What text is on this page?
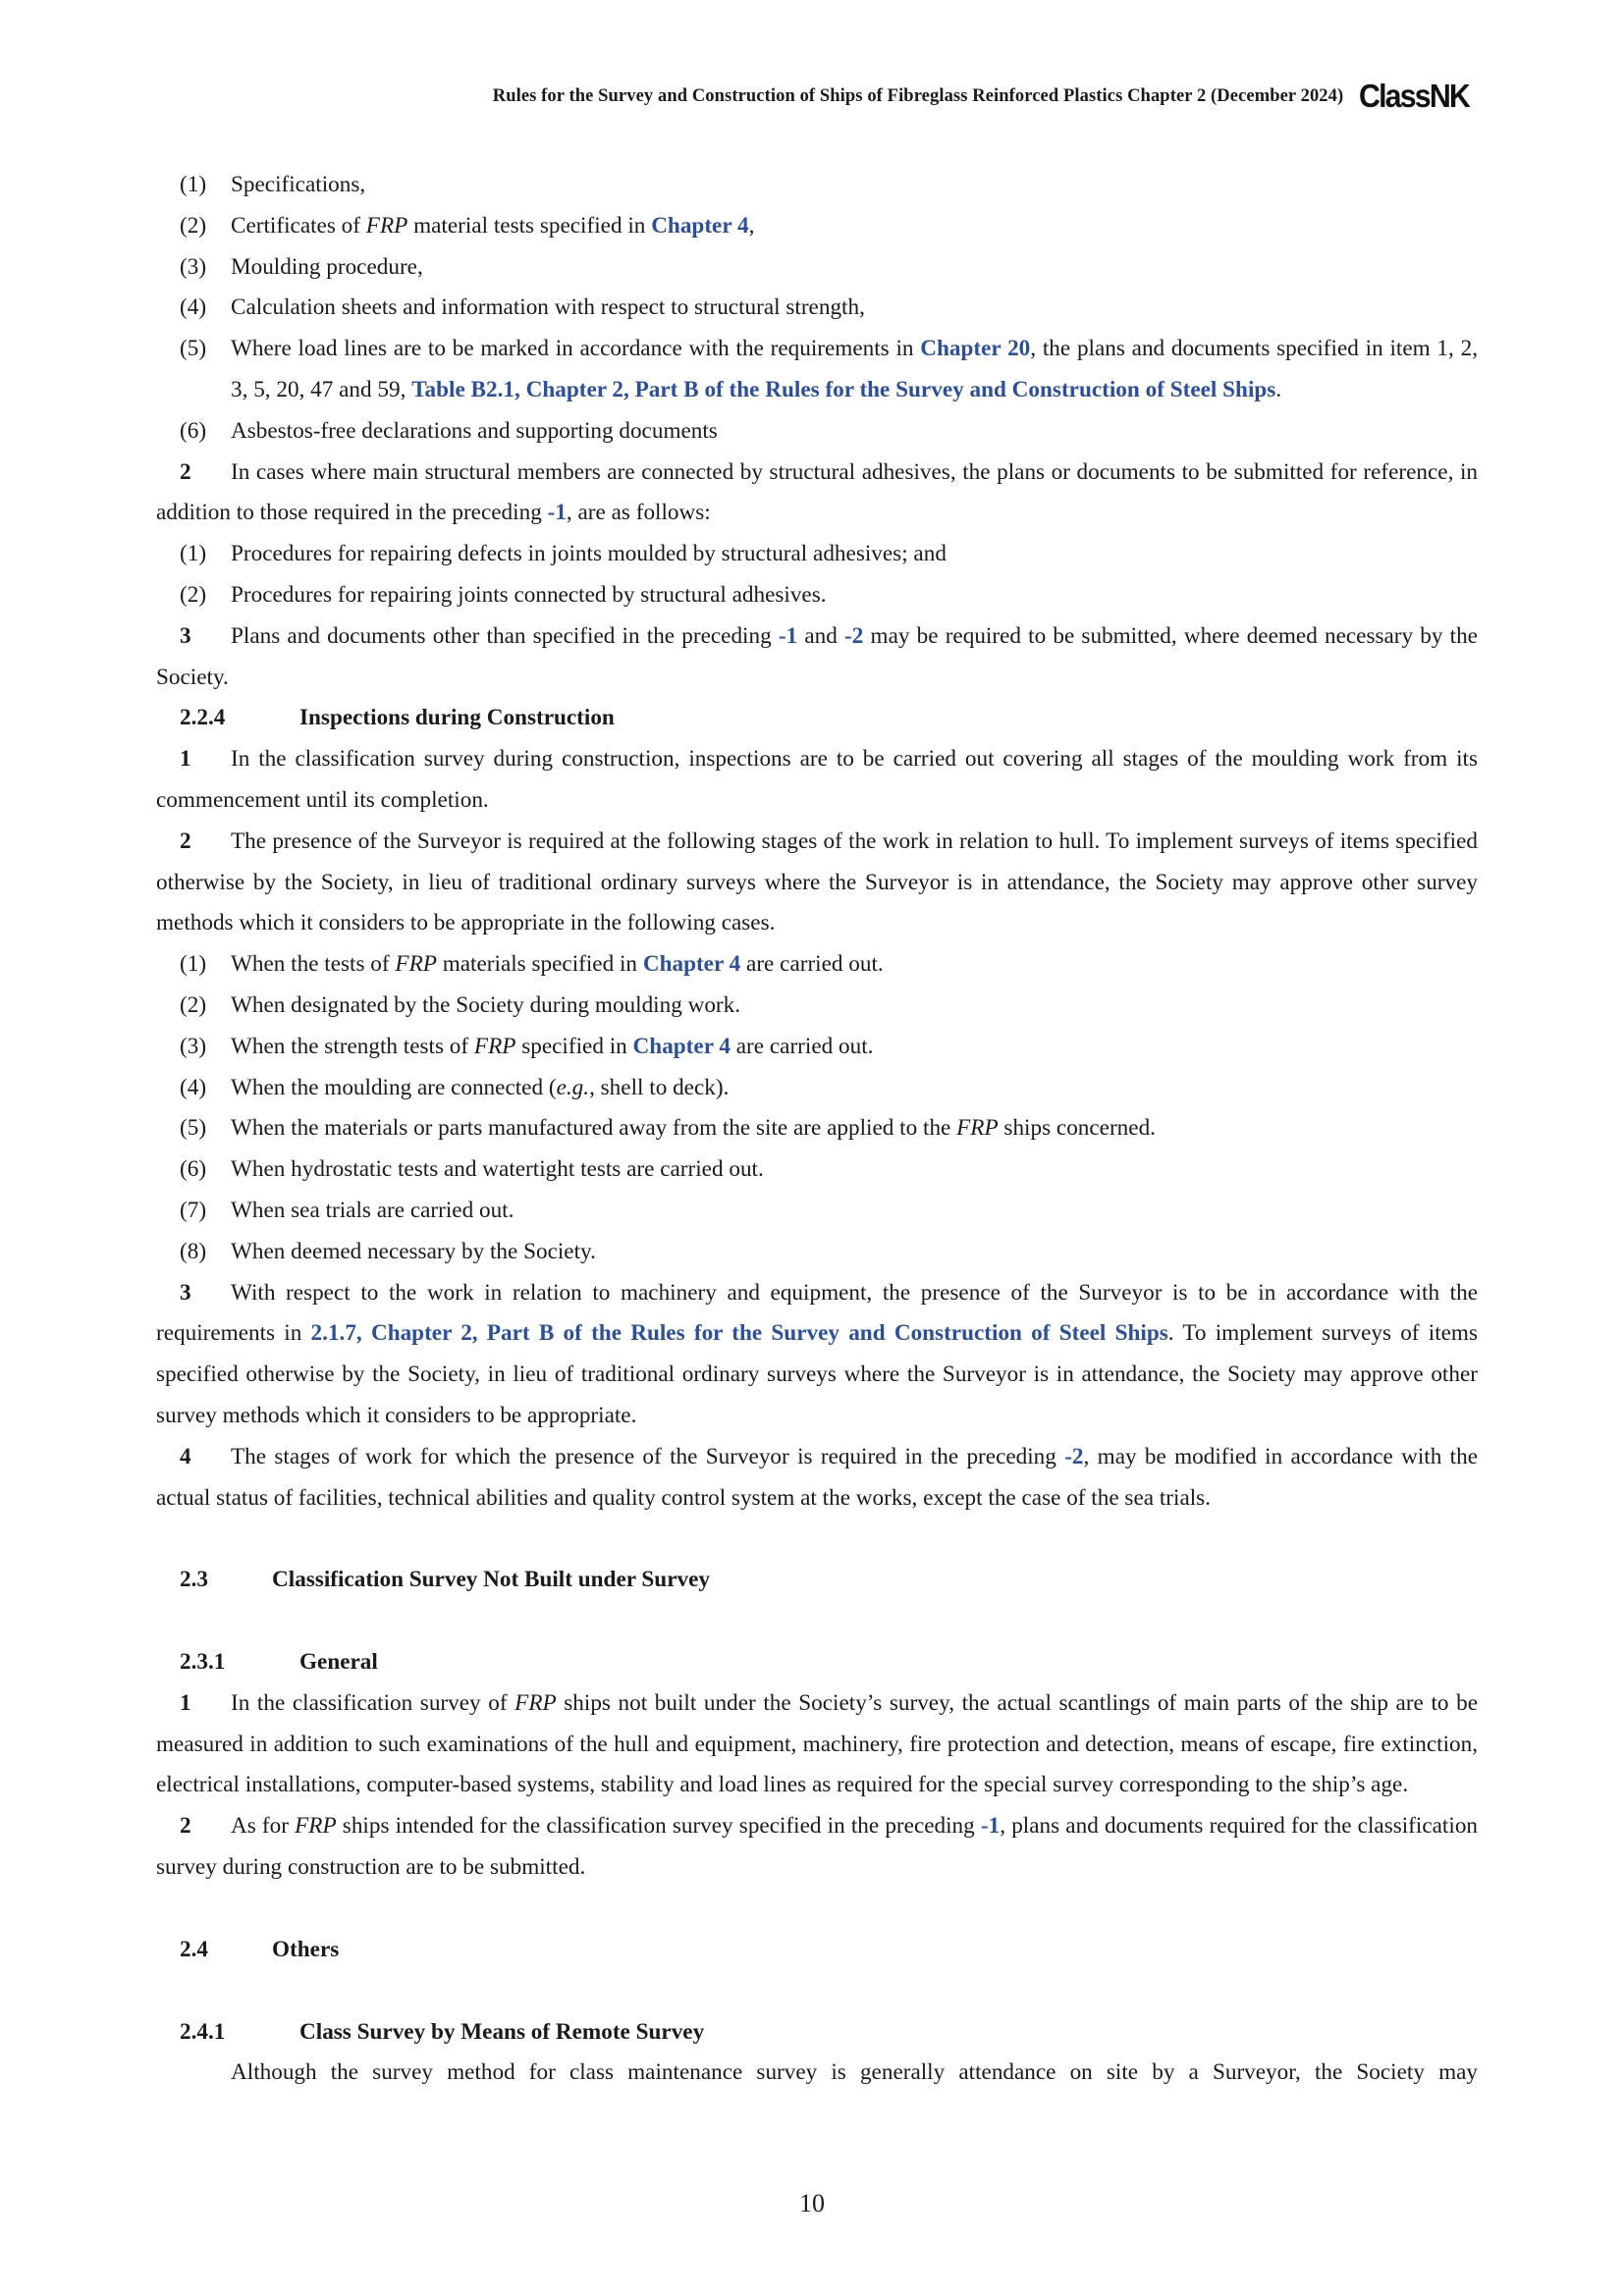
Rules for the Survey and Construction of Ships of Fibreglass Reinforced Plastics Chapter 2 (December 2024) ClassNK
(1)	Specifications,
(2)	Certificates of FRP material tests specified in Chapter 4,
(3)	Moulding procedure,
(4)	Calculation sheets and information with respect to structural strength,
(5)	Where load lines are to be marked in accordance with the requirements in Chapter 20, the plans and documents specified in item 1, 2, 3, 5, 20, 47 and 59, Table B2.1, Chapter 2, Part B of the Rules for the Survey and Construction of Steel Ships.
(6)	Asbestos-free declarations and supporting documents
2 In cases where main structural members are connected by structural adhesives, the plans or documents to be submitted for reference, in addition to those required in the preceding -1, are as follows:
(1)	Procedures for repairing defects in joints moulded by structural adhesives; and
(2)	Procedures for repairing joints connected by structural adhesives.
3 Plans and documents other than specified in the preceding -1 and -2 may be required to be submitted, where deemed necessary by the Society.
2.2.4	Inspections during Construction
1 In the classification survey during construction, inspections are to be carried out covering all stages of the moulding work from its commencement until its completion.
2 The presence of the Surveyor is required at the following stages of the work in relation to hull. To implement surveys of items specified otherwise by the Society, in lieu of traditional ordinary surveys where the Surveyor is in attendance, the Society may approve other survey methods which it considers to be appropriate in the following cases.
(1)	When the tests of FRP materials specified in Chapter 4 are carried out.
(2)	When designated by the Society during moulding work.
(3)	When the strength tests of FRP specified in Chapter 4 are carried out.
(4)	When the moulding are connected (e.g., shell to deck).
(5)	When the materials or parts manufactured away from the site are applied to the FRP ships concerned.
(6)	When hydrostatic tests and watertight tests are carried out.
(7)	When sea trials are carried out.
(8)	When deemed necessary by the Society.
3 With respect to the work in relation to machinery and equipment, the presence of the Surveyor is to be in accordance with the requirements in 2.1.7, Chapter 2, Part B of the Rules for the Survey and Construction of Steel Ships. To implement surveys of items specified otherwise by the Society, in lieu of traditional ordinary surveys where the Surveyor is in attendance, the Society may approve other survey methods which it considers to be appropriate.
4 The stages of work for which the presence of the Surveyor is required in the preceding -2, may be modified in accordance with the actual status of facilities, technical abilities and quality control system at the works, except the case of the sea trials.
2.3	Classification Survey Not Built under Survey
2.3.1	General
1 In the classification survey of FRP ships not built under the Society’s survey, the actual scantlings of main parts of the ship are to be measured in addition to such examinations of the hull and equipment, machinery, fire protection and detection, means of escape, fire extinction, electrical installations, computer-based systems, stability and load lines as required for the special survey corresponding to the ship’s age.
2 As for FRP ships intended for the classification survey specified in the preceding -1, plans and documents required for the classification survey during construction are to be submitted.
2.4	Others
2.4.1	Class Survey by Means of Remote Survey
Although the survey method for class maintenance survey is generally attendance on site by a Surveyor, the Society may
10
